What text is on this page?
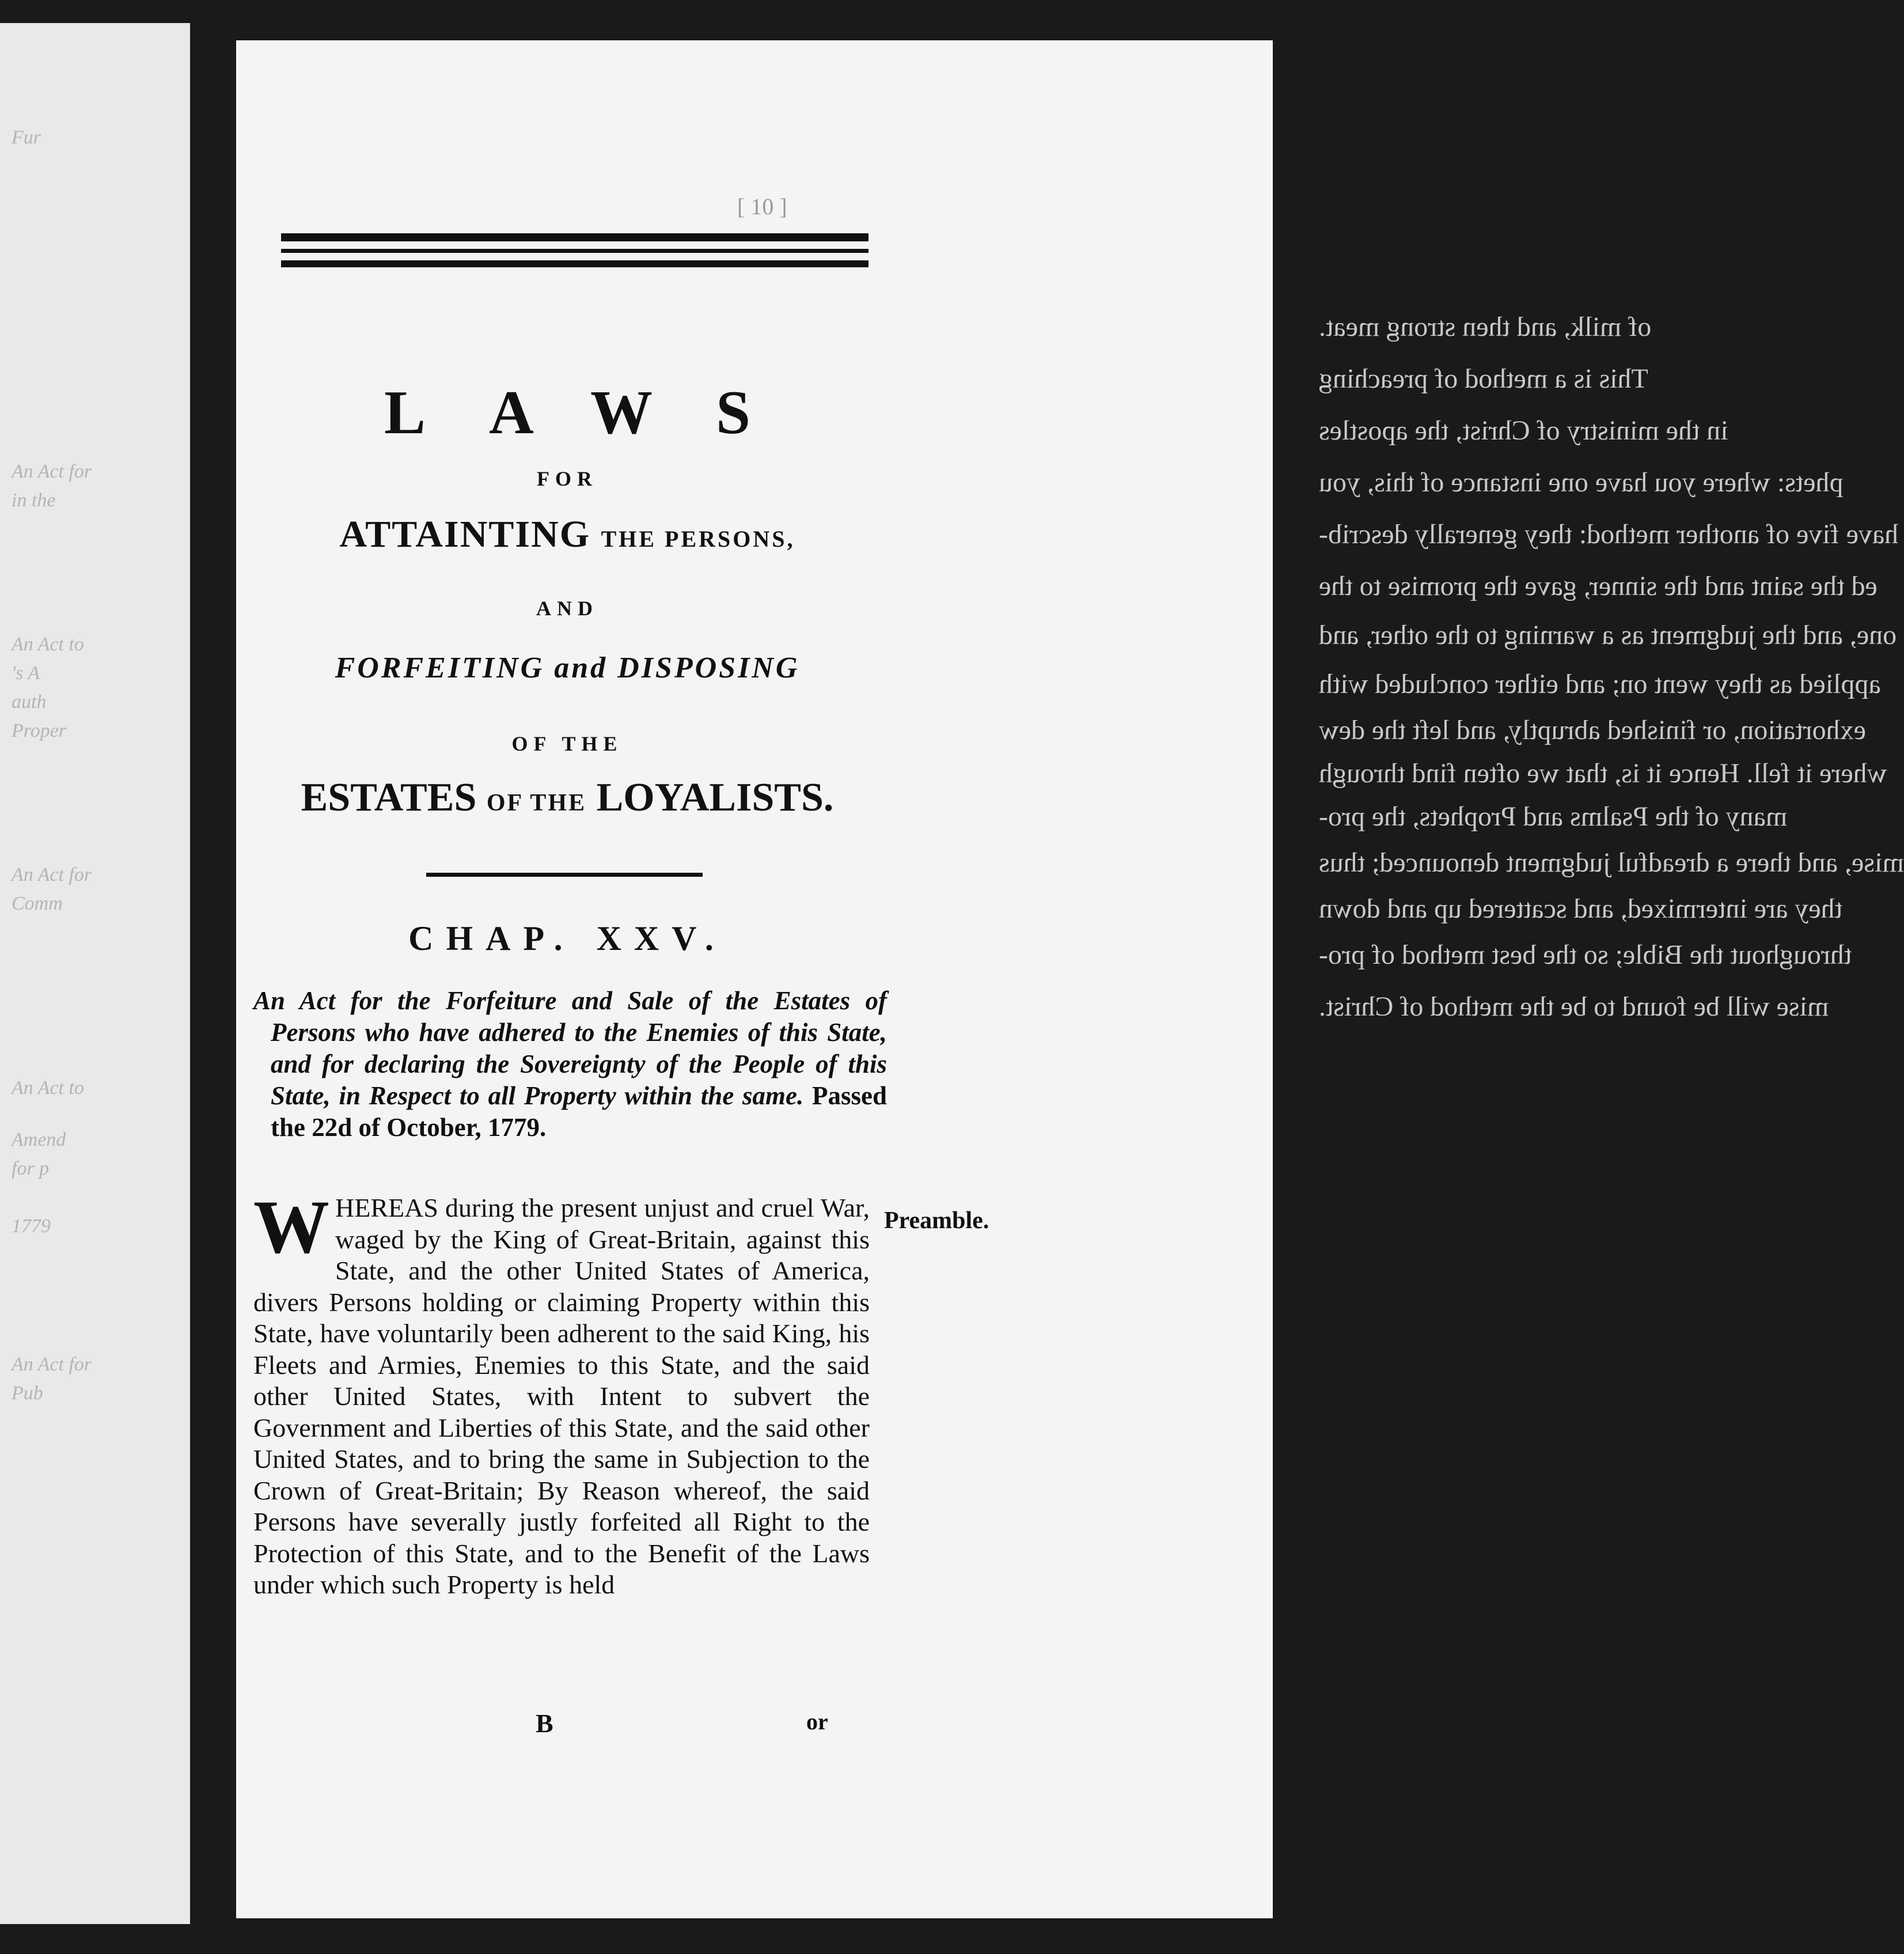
Fur
An Act for
in the
An Act to
's A
auth
Proper
An Act for
Comm
An Act to
Amend
for p
1779
An Act for
Pub
of milk, and then strong meat.
This is a method of preaching
in the ministry of Christ, the apostles
phets: where you have one instance of this, you
have five of another method: they generally describ-
ed the saint and the sinner, gave the promise to the
one, and the judgment as a warning to the other, and
applied as they went on; and either concluded with
exhortation, or finished abruptly, and left the dew
where it fell. Hence it is, that we often find through
many of the Psalms and Prophets, the pro-
mise, and there a dreadful judgment denounced; thus
they are intermixed, and scattered up and down
throughout the Bible; so the best method of pro-
mise will be found to be the method of Christ.
[ 10 ]
LAWS
FOR
ATTAINTING THE PERSONS,
AND
FORFEITING and DISPOSING
OF THE
ESTATES OF THE LOYALISTS.
CHAP. XXV.
An Act for the Forfeiture and Sale of the Estates of Persons who have adhered to the Enemies of this State, and for declaring the Sovereignty of the People of this State, in Respect to all Property within the same. Passed the 22d of October, 1779.
Preamble.
W HEREAS during the present unjust and cruel War, waged by the King of Great-Britain, against this State, and the other United States of America, divers Persons holding or claiming Property within this State, have voluntarily been adherent to the said King, his Fleets and Armies, Enemies to this State, and the said other United States, with Intent to subvert the Government and Liberties of this State, and the said other United States, and to bring the same in Subjection to the Crown of Great-Britain; By Reason whereof, the said Persons have severally justly forfeited all Right to the Protection of this State, and to the Benefit of the Laws under which such Property is held
B	or
